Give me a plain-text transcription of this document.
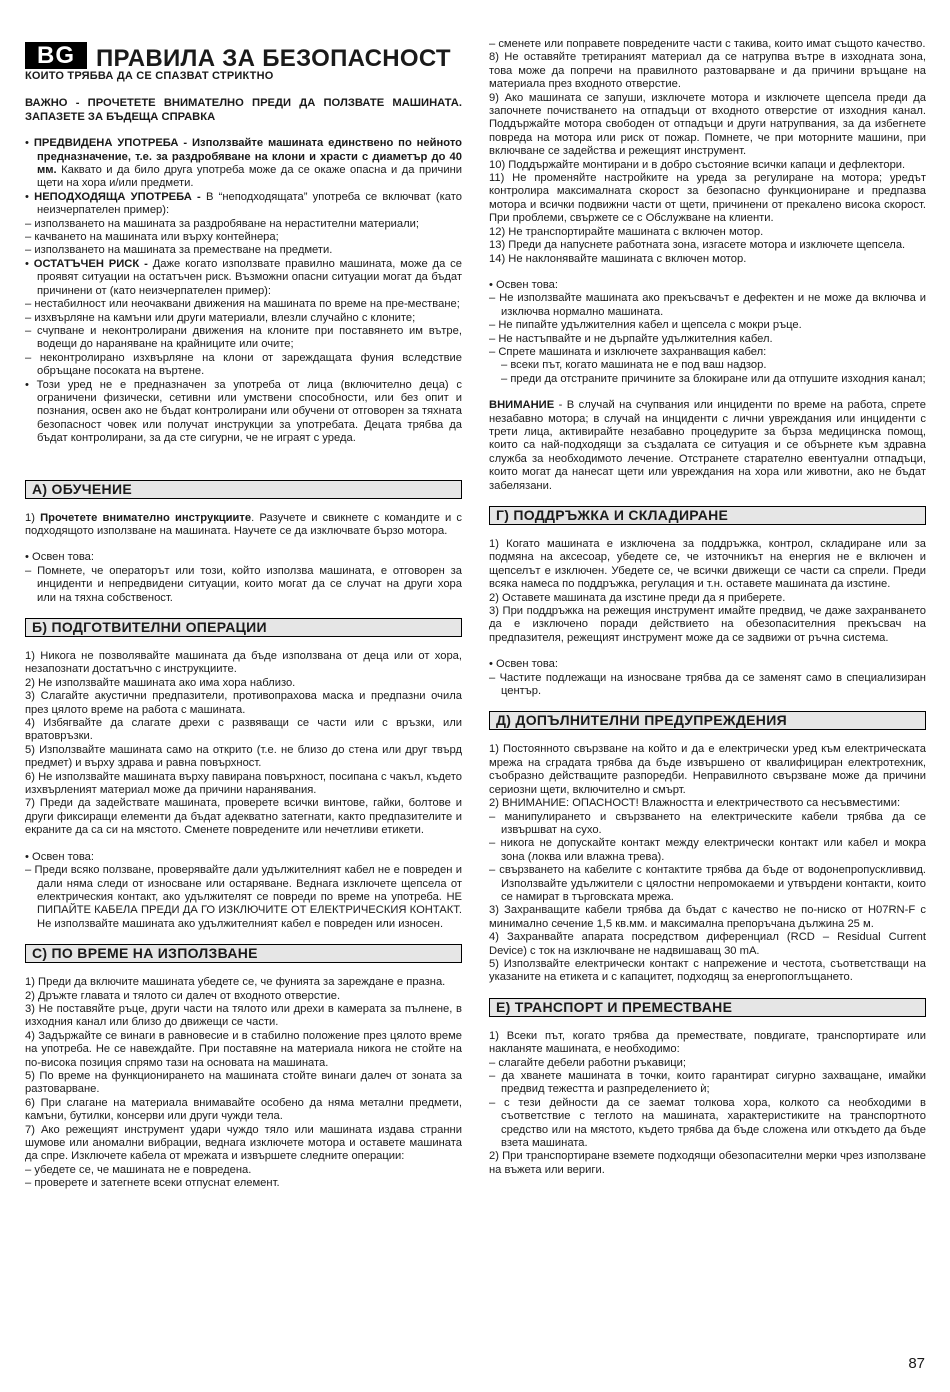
BG ПРАВИЛА ЗА БЕЗОПАСНОСТ
КОИТО ТРЯБВА ДА СЕ СПАЗВАТ СТРИКТНО

ВАЖНО - ПРОЧЕТЕТЕ ВНИМАТЕЛНО ПРЕДИ ДА ПОЛЗВАТЕ МАШИНАТА. ЗАПАЗЕТЕ ЗА БЪДЕЩА СПРАВКА

• ПРЕДВИДЕНА УПОТРЕБА - Използвайте машината единствено по нейното предназначение, т.е. за раздробяване на клони и храсти с диаметър до 40 мм. Каквато и да било друга употреба може да се окаже опасна и да причини щети на хора и/или предмети.
• НЕПОДХОДЯЩА УПОТРЕБА - В “неподходящата” употреба се включват (като неизчерпателен пример):
– използването на машината за раздробяване на нерастителни материали;
– качването на машината или върху контейнера;
– използването на машината за преместване на предмети.
• ОСТАТЪЧЕН РИСК - Даже когато използвате правилно машината, може да се проявят ситуации на остатъчен риск. Възможни опасни ситуации могат да бъдат причинени от (като неизчерпателен пример):
– нестабилност или неочаквани движения на машината по време на пре-местване;
– изхвърляне на камъни или други материали, влезли случайно с клоните;
– счупване и неконтролирани движения на клоните при поставянето им вътре, водещи до нараняване на крайниците или очите;
– неконтролирано изхвърляне на клони от зареждащата фуния вследствие обръщане посоката на въртене.
• Този уред не е предназначен за употреба от лица (включително деца) с ограничени физически, сетивни или умствени способности, или без опит и познания, освен ако не бъдат контролирани или обучени от отговорен за тяхната безопасност човек или получат инструкции за употребата. Децата трябва да бъдат контролирани, за да сте сигурни, че не играят с уреда.
A) ОБУЧЕНИЕ

1) Прочетете внимателно инструкциите. Разучете и свикнете с командите и с подходящото използване на машината. Научете се да изключвате бързо мотора.

• Освен това:
– Помнете, че операторът или този, който използва машината, е отговорен за инциденти и непредвидени ситуации, които могат да се случат на други хора или на тяхна собственост.
Б) ПОДГОТВИТЕЛНИ ОПЕРАЦИИ

1) Никога не позволявайте машината да бъде използвана от деца или от хора, незапознати достатъчно с инструкциите.

2) Не използвайте машината ако има хора наблизо.

3) Слагайте акустични предпазители, противопрахова маска и предпазни очила през цялото време на работа с машината.

4) Избягвайте да слагате дрехи с развяващи се части или с връзки, или вратовръзки.

5) Използвайте машината само на открито (т.е. не близо до стена или друг твърд предмет) и върху здрава и равна повърхност.

6) Не използвайте машината върху павирана повърхност, посипана с чакъл, където изхвърленият материал може да причини наранявания.

7) Преди да задействате машината, проверете всички винтове, гайки, болтове и други фиксиращи елементи да бъдат адекватно затегнати, както предпазителите и екраните да са си на мястото. Сменете повредените или нечетливи етикети.

• Освен това:
– Преди всяко ползване, проверявайте дали удължителният кабел не е повреден и дали няма следи от износване или остаряване. Веднага изключете щепсела от електрическия контакт, ако удължителят се повреди по време на употреба. НЕ ПИПАЙТЕ КАБЕЛА ПРЕДИ ДА ГО ИЗКЛЮЧИТЕ ОТ ЕЛЕКТРИЧЕСКИЯ КОНТАКТ. Не използвайте машината ако удължителният кабел е повреден или износен.
C) ПО ВРЕМЕ НА ИЗПОЛЗВАНЕ

1) Преди да включите машината убедете се, че фунията за зареждане е празна.

2) Дръжте главата и тялото си далеч от входното отверстие.

3) Не поставяйте ръце, други части на тялото или дрехи в камерата за пълнене, в изходния канал или близо до движещи се части.

4) Задържайте се винаги в равновесие и в стабилно положение през цялото време на употреба. Не се навеждайте. При поставяне на материала никога не стойте на по-висока позиция спрямо тази на основата на машината.

5) По време на функционирането на машината стойте винаги далеч от зоната за разтоварване.

6) При слагане на материала внимавайте особено да няма метални предмети, камъни, бутилки, консерви или други чужди тела.

7) Ако режещият инструмент удари чуждо тяло или машината издава странни шумове или аномални вибрации, веднага изключете мотора и оставете машината да спре. Изключете кабела от мрежата и извършете следните операции:

– убедете се, че машината не е повредена.
– проверете и затегнете всеки отпуснат елемент.
– сменете или поправете повредените части с такива, които имат същото качество.

8) Не оставяйте третираният материал да се натрупва вътре в изходната зона, това може да попречи на правилното разтоварване и да причини връщане на материала през входното отверстие.

9) Ако машината се запуши, изключете мотора и изключете щепсела преди да започнете почистването на отпадъци от входното отверстие от изходния канал. Поддържайте мотора свободен от отпадъци и други натрупвания, за да избегнете повреда на мотора или риск от пожар. Помнете, че при моторните машини, при включване се задейства и режещият инструмент.

10) Поддържайте монтирани и в добро състояние всички капаци и дефлектори.

11) Не променяйте настройките на уреда за регулиране на мотора; уредът контролира максималната скорост за безопасно функциониране и предпазва мотора и всички подвижни части от щети, причинени от прекалено висока скорост. При проблеми, свържете се с Обслужване на клиенти.

12) Не транспортирайте машината с включен мотор.

13) Преди да напуснете работната зона, изгасете мотора и изключете щепсела.

14) Не наклонявайте машината с включен мотор.

• Освен това:
– Не използвайте машината ако прекъсвачът е дефектен и не може да включва и изключва нормално машината.
– Не пипайте удължителния кабел и щепсела с мокри ръце.
– Не настъпвайте и не дърпайте удължителния кабел.
– Спрете машината и изключете захранващия кабел:
– всеки път, когато машината не е под ваш надзор.
– преди да отстраните причините за блокиране или да отпушите изходния канал;

ВНИМАНИЕ - В случай на счупвания или инциденти по време на работа, спрете незабавно мотора; в случай на инциденти с лични увреждания или инциденти с трети лица, активирайте незабавно процедурите за бърза медицинска помощ, които са най-подходящи за създалата се ситуация и се обърнете към здравна служба за необходимото лечение. Отстранете старателно евентуални отпадъци, които могат да нанесат щети или увреждания на хора или животни, ако не бъдат забелязани.

Г) ПОДДРЪЖКА И СКЛАДИРАНЕ

1) Когато машината е изключена за поддръжка, контрол, складиране или за подмяна на аксесоар, убедете се, че източникът на енергия не е включен и щепселът е изключен. Убедете се, че всички движещи се части са спрели. Преди всяка намеса по поддръжка, регулация и т.н. оставете машината да изстине.

2) Оставете машината да изстине преди да я приберете.

3) При поддръжка на режещия инструмент имайте предвид, че даже захранването да е изключено поради действието на обезопасителния прекъсвач на предпазителя, режещият инструмент може да се задвижи от ръчна система.

• Освен това:
– Частите подлежащи на износване трябва да се заменят само в специализиран център.
Д) ДОПЪЛНИТЕЛНИ ПРЕДУПРЕЖДЕНИЯ

1) Постоянното свързване на който и да е електрически уред към електрическата мрежа на сградата трябва да бъде извършено от квалифициран електротехник, съобразно действащите разпоредби. Неправилното свързване може да причини сериозни щети, включително и смърт.

2) ВНИМАНИЕ: ОПАСНОСТ! Влажността и електричеството са несъвместими:

– манипулирането и свързването на електрическите кабели трябва да се извършват на сухо.
– никога не допускайте контакт между електрически контакт или кабел и мокра зона (локва или влажна трева).
– свързването на кабелите с контактите трябва да бъде от водонепропускливвид. Използвайте удължители с цялостни непромокаеми и утвърдени контакти, които се намират в търговската мрежа.

3) Захранващите кабели трябва да бъдат с качество не по-ниско от H07RN-F с минимално сечение 1,5 кв.мм. и максимална препоръчана дължина 25 м.

4) Захранвайте апарата посредством диференциал (RCD – Residual Current Device) с ток на изключване не надвишаващ 30 mA.

5) Използвайте електрически контакт с напрежение и честота, съответстващи на указаните на етикета и с капацитет, подходящ за енергопоглъщането.

Е) ТРАНСПОРТ И ПРЕМЕСТВАНЕ

1) Всеки път, когато трябва да премествате, повдигате, транспортирате или накланяте машината, е необходимо:

– слагайте дебели работни ръкавици;
– да хванете машината в точки, които гарантират сигурно захващане, имайки предвид тежестта и разпределението ѝ;
– с тези дейности да се заемат толкова хора, колкото са необходими в съответствие с теглото на машината, характеристиките на транспортното средство или на мястото, където трябва да бъде сложена или откъдето да бъде взета машината.

2) При транспортиране вземете подходящи обезопасителни мерки чрез използване на въжета или вериги.

87
